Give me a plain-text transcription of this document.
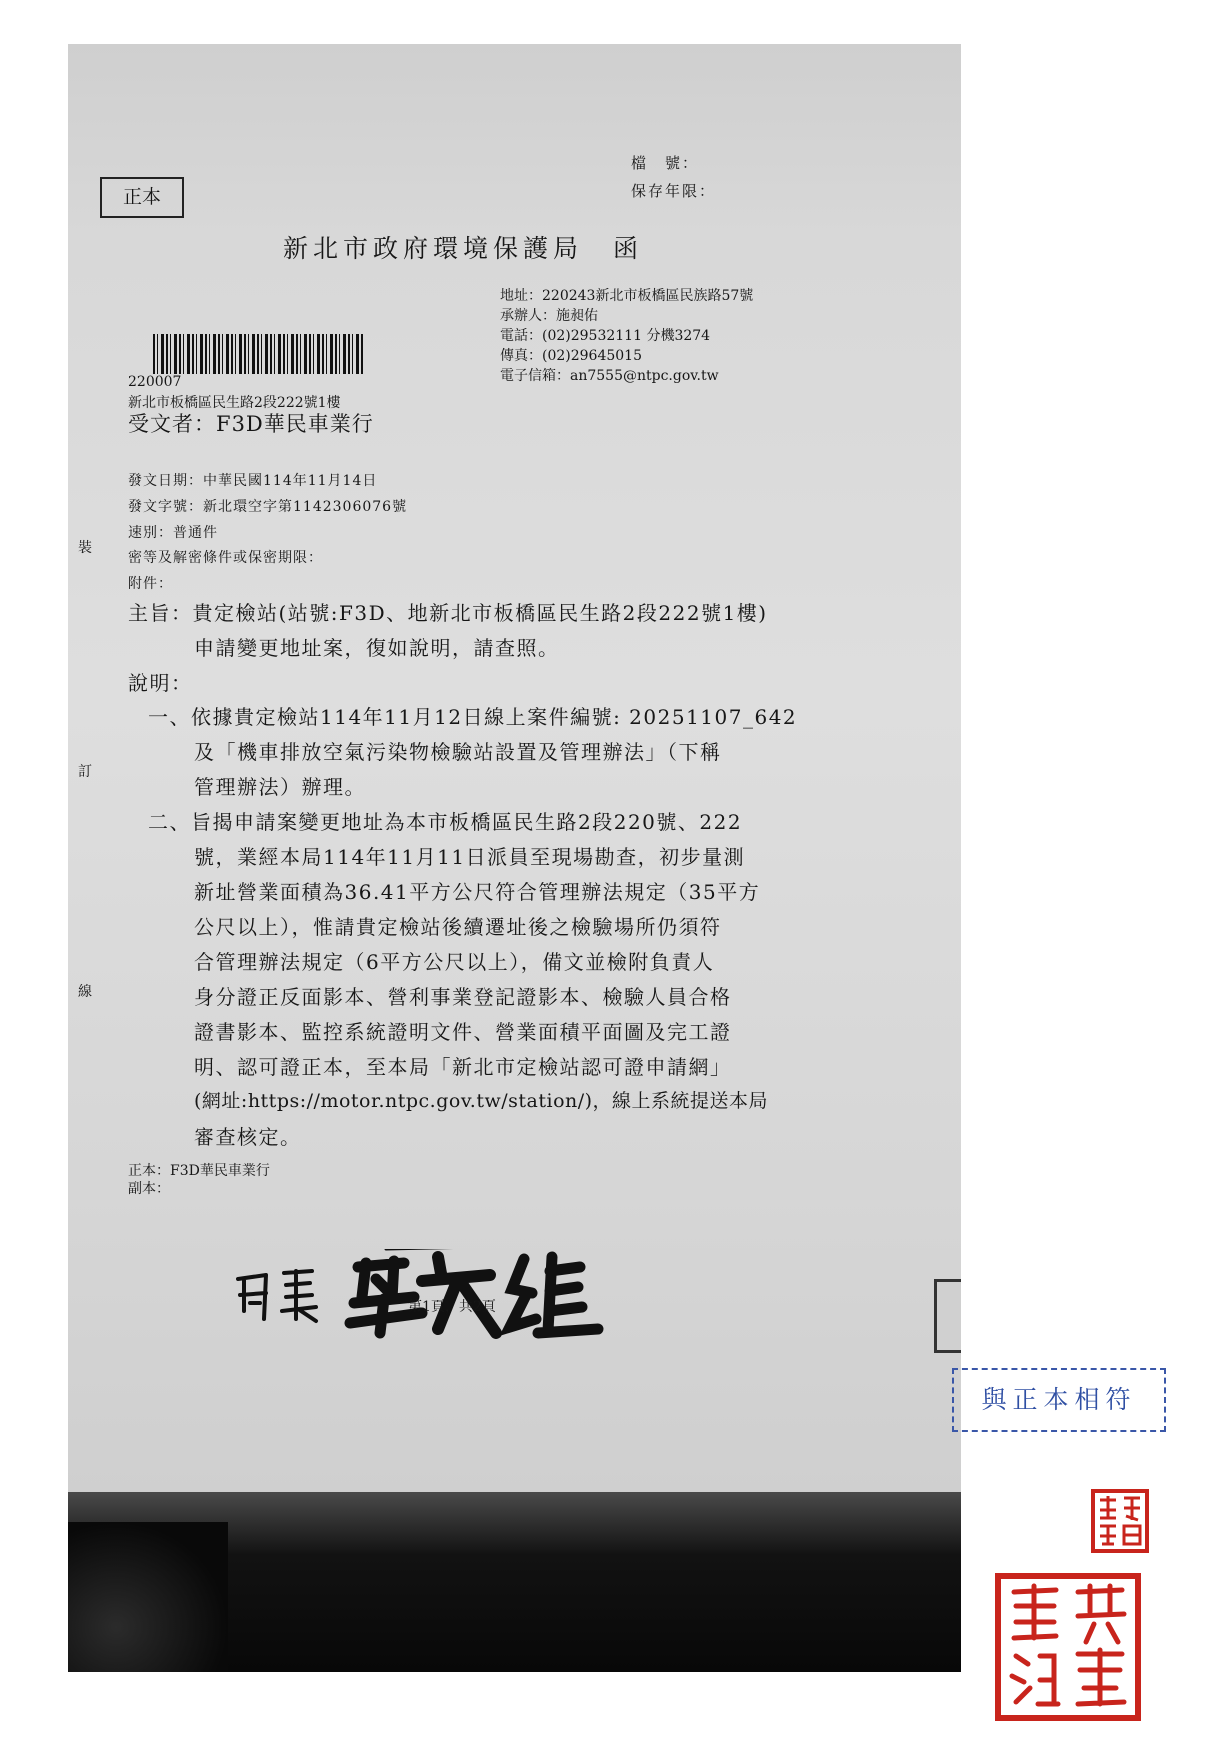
正本
檔　號：
保存年限：
新北市政府環境保護局　函
地址：220243新北市板橋區民族路57號
承辦人：施昶佑
電話：(02)29532111 分機3274
傳真：(02)29645015
電子信箱：an7555@ntpc.gov.tw
220007
新北市板橋區民生路2段222號1樓
受文者：F3D華民車業行
發文日期：中華民國114年11月14日
發文字號：新北環空字第1142306076號
速別：普通件
密等及解密條件或保密期限：
附件：
裝
訂
線
主旨：貴定檢站(站號:F3D、地新北市板橋區民生路2段222號1樓)
申請變更地址案，復如說明，請查照。
說明：
一、依據貴定檢站114年11月12日線上案件編號: 20251107_642
及「機車排放空氣污染物檢驗站設置及管理辦法」（下稱
管理辦法）辦理。
二、旨揭申請案變更地址為本市板橋區民生路2段220號、222
號，業經本局114年11月11日派員至現場勘查，初步量測
新址營業面積為36.41平方公尺符合管理辦法規定（35平方
公尺以上），惟請貴定檢站後續遷址後之檢驗場所仍須符
合管理辦法規定（6平方公尺以上），備文並檢附負責人
身分證正反面影本、營利事業登記證影本、檢驗人員合格
證書影本、監控系統證明文件、營業面積平面圖及完工證
明、認可證正本，至本局「新北市定檢站認可證申請網」
(網址:https://motor.ntpc.gov.tw/station/)，線上系統提送本局
審查核定。
正本：F3D華民車業行
副本：
第1頁，共2頁
與正本相符
